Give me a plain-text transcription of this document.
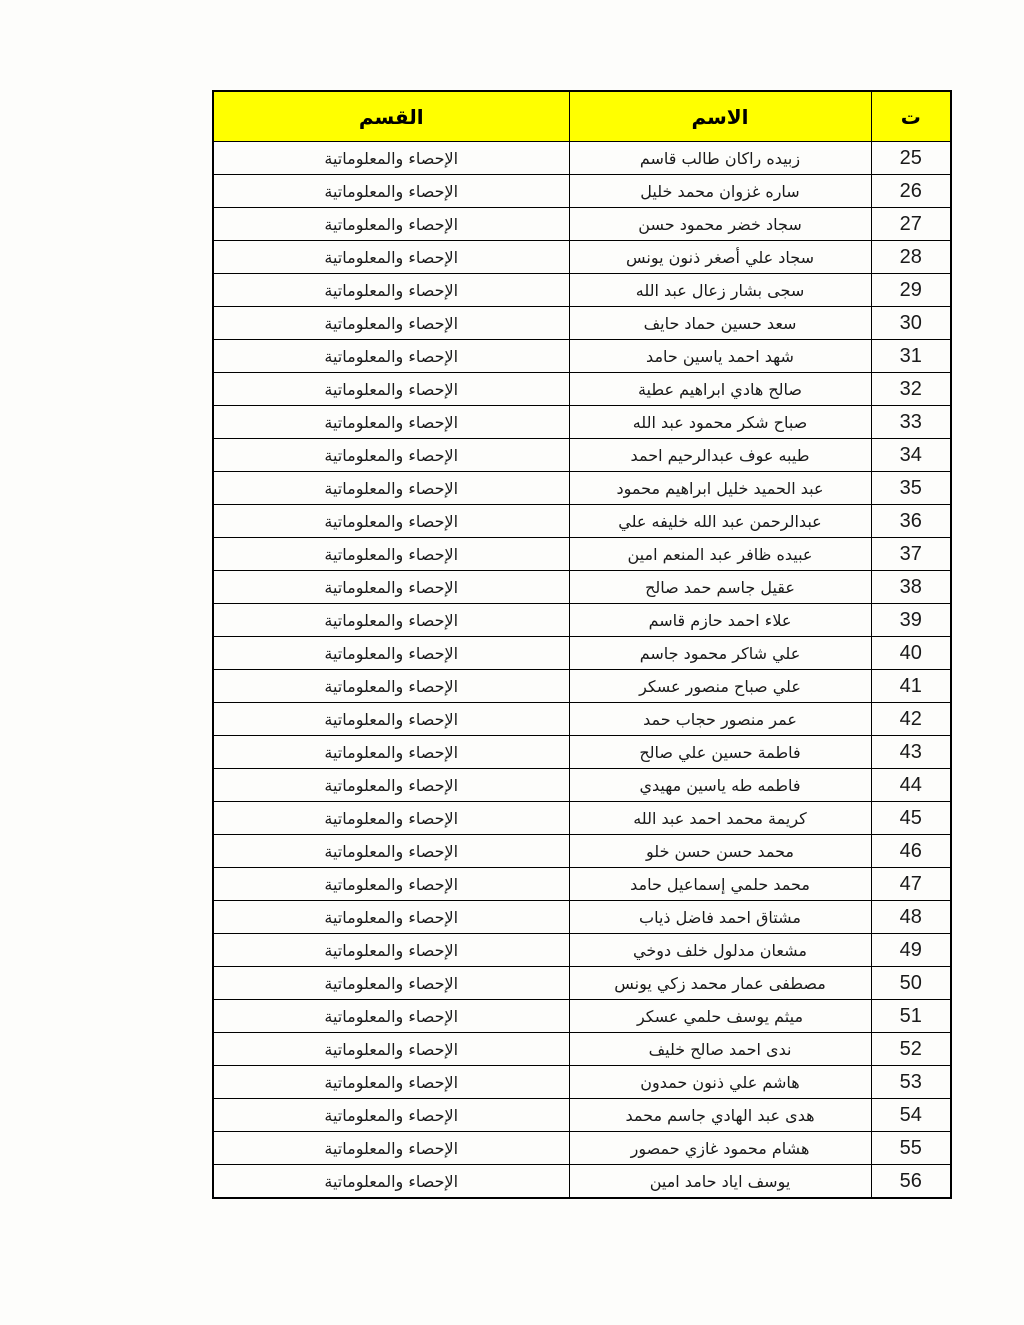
ت	الاسم	القسم
25	زبيده راكان طالب قاسم	الإحصاء والمعلوماتية
26	ساره غزوان محمد خليل	الإحصاء والمعلوماتية
27	سجاد خضر محمود حسن	الإحصاء والمعلوماتية
28	سجاد علي أصغر ذنون يونس	الإحصاء والمعلوماتية
29	سجى بشار زعال عبد الله	الإحصاء والمعلوماتية
30	سعد حسين حماد حايف	الإحصاء والمعلوماتية
31	شهد احمد ياسين حامد	الإحصاء والمعلوماتية
32	صالح هادي ابراهيم عطية	الإحصاء والمعلوماتية
33	صباح شكر محمود عبد الله	الإحصاء والمعلوماتية
34	طيبه عوف عبدالرحيم احمد	الإحصاء والمعلوماتية
35	عبد الحميد خليل ابراهيم محمود	الإحصاء والمعلوماتية
36	عبدالرحمن عبد الله خليفه علي	الإحصاء والمعلوماتية
37	عبيده ظافر عبد المنعم امين	الإحصاء والمعلوماتية
38	عقيل جاسم حمد صالح	الإحصاء والمعلوماتية
39	علاء احمد حازم قاسم	الإحصاء والمعلوماتية
40	علي شاكر محمود جاسم	الإحصاء والمعلوماتية
41	علي صباح منصور عسكر	الإحصاء والمعلوماتية
42	عمر منصور حجاب حمد	الإحصاء والمعلوماتية
43	فاطمة حسين علي صالح	الإحصاء والمعلوماتية
44	فاطمه طه ياسين مهيدي	الإحصاء والمعلوماتية
45	كريمة محمد احمد عبد الله	الإحصاء والمعلوماتية
46	محمد حسن حسن خلو	الإحصاء والمعلوماتية
47	محمد حلمي إسماعيل حامد	الإحصاء والمعلوماتية
48	مشتاق احمد فاضل ذياب	الإحصاء والمعلوماتية
49	مشعان مدلول خلف دوخي	الإحصاء والمعلوماتية
50	مصطفى عمار محمد زكي يونس	الإحصاء والمعلوماتية
51	ميثم يوسف حلمي عسكر	الإحصاء والمعلوماتية
52	ندى احمد صالح خليف	الإحصاء والمعلوماتية
53	هاشم علي ذنون حمدون	الإحصاء والمعلوماتية
54	هدى عبد الهادي جاسم محمد	الإحصاء والمعلوماتية
55	هشام محمود غازي حمصور	الإحصاء والمعلوماتية
56	يوسف اياد حامد امين	الإحصاء والمعلوماتية
